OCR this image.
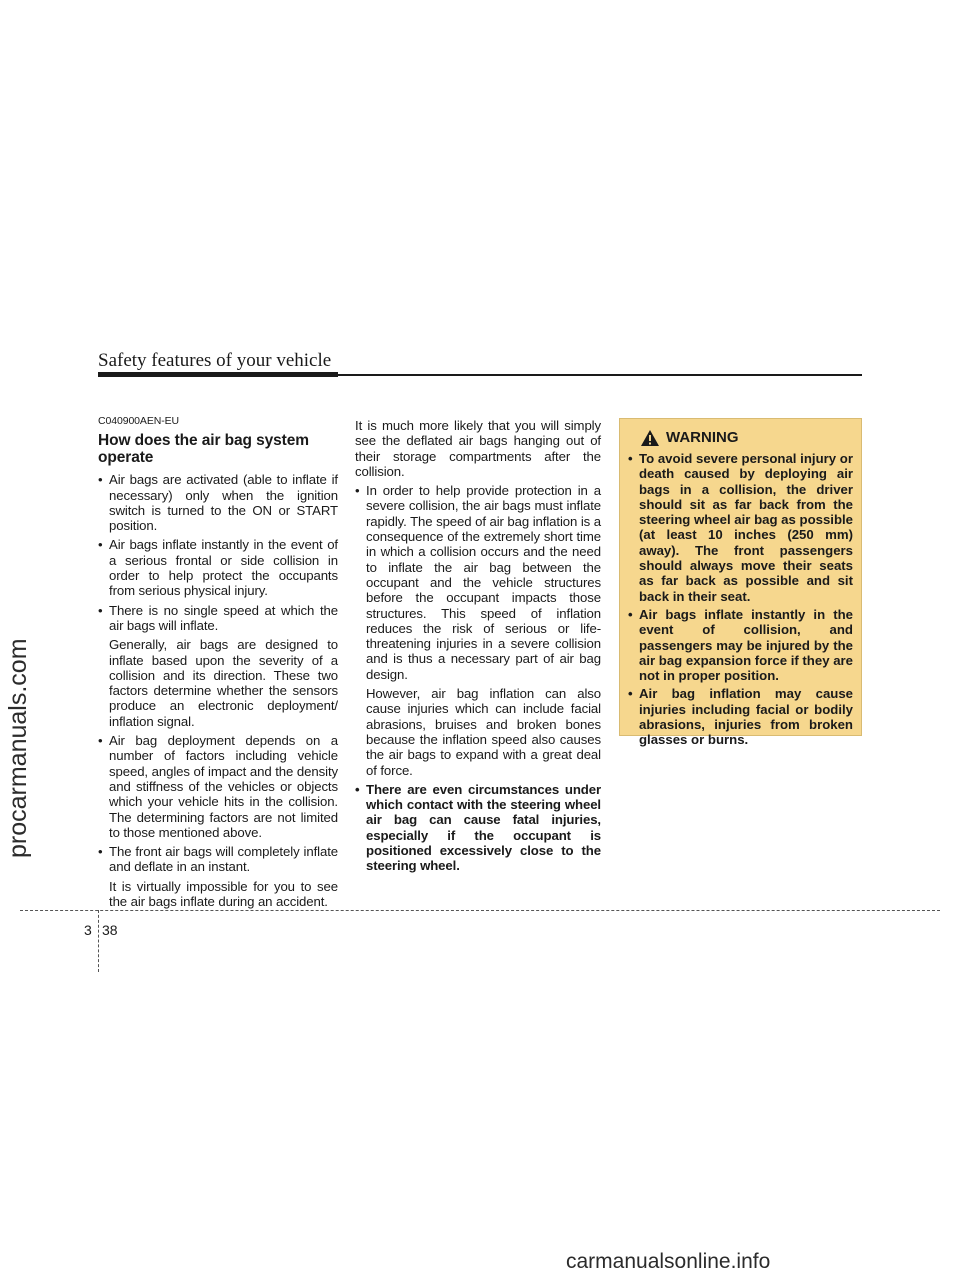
procarmanuals.com
Safety features of your vehicle
C040900AEN-EU
How does the air bag system operate
• Air bags are activated (able to inflate if necessary) only when the ignition switch is turned to the ON or START position.
• Air bags inflate instantly in the event of a serious frontal or side collision in order to help protect the occupants from serious physical injury.
• There is no single speed at which the air bags will inflate.
Generally, air bags are designed to inflate based upon the severity of a collision and its direction. These two factors determine whether the sensors produce an electronic deployment/ inflation signal.
• Air bag deployment depends on a number of factors including vehicle speed, angles of impact and the density and stiffness of the vehicles or objects which your vehicle hits in the collision. The determining factors are not limited to those mentioned above.
• The front air bags will completely inflate and deflate in an instant.
It is virtually impossible for you to see the air bags inflate during an accident.

It is much more likely that you will simply see the deflated air bags hanging out of their storage compartments after the collision.

• In order to help provide protection in a severe collision, the air bags must inflate rapidly. The speed of air bag inflation is a consequence of the extremely short time in which a collision occurs and the need to inflate the air bag between the occupant and the vehicle structures before the occupant impacts those structures. This speed of inflation reduces the risk of serious or life-threatening injuries in a severe collision and is thus a necessary part of air bag design.
However, air bag inflation can also cause injuries which can include facial abrasions, bruises and broken bones because the inflation speed also causes the air bags to expand with a great deal of force.
• There are even circumstances under which contact with the steering wheel air bag can cause fatal injuries, especially if the occupant is positioned excessively close to the steering wheel.
WARNING
• To avoid severe personal injury or death caused by deploying air bags in a collision, the driver should sit as far back from the steering wheel air bag as possible (at least 10 inches (250 mm) away). The front passengers should always move their seats as far back as possible and sit back in their seat.
• Air bags inflate instantly in the event of collision, and passengers may be injured by the air bag expansion force if they are not in proper position.
• Air bag inflation may cause injuries including facial or bodily abrasions, injuries from broken glasses or burns.
3 38
carmanualsonline.info
